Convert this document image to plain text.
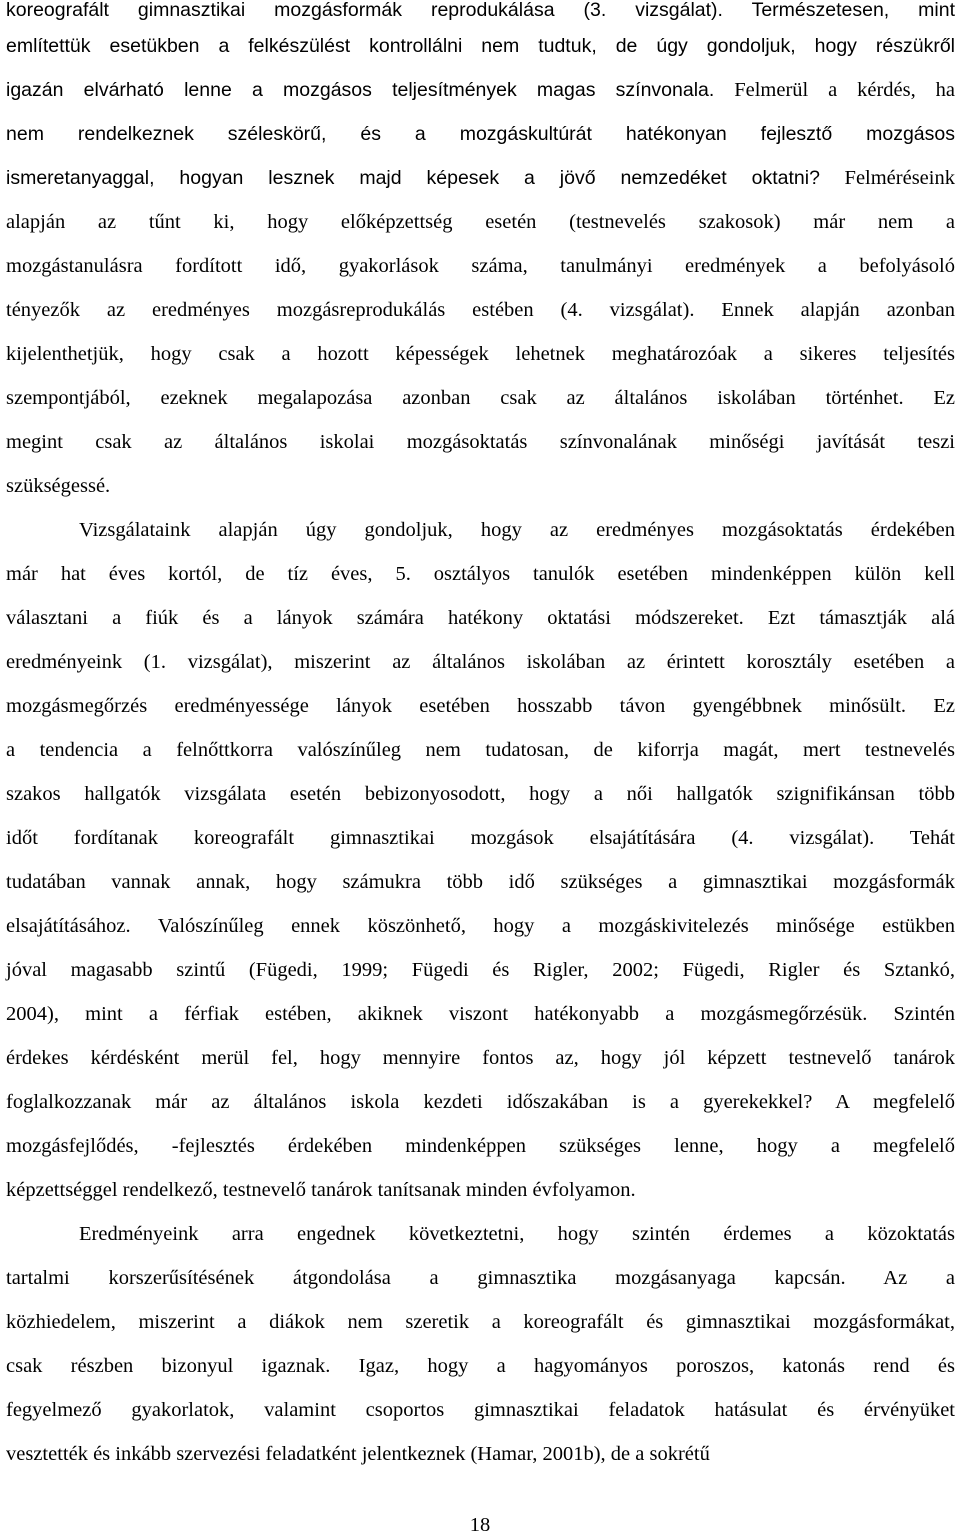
koreografált gimnasztikai mozgásformák reprodukálása (3. vizsgálat). Természetesen, mint
említettük esetükben a felkészülést kontrollálni nem tudtuk, de úgy gondoljuk, hogy részükről
igazán elvárható lenne a mozgásos teljesítmények magas színvonala. Felmerül a kérdés, ha
nem rendelkeznek széleskörű, és a mozgáskultúrát hatékonyan fejlesztő mozgásos
ismeretanyaggal, hogyan lesznek majd képesek a jövő nemzedéket oktatni? Felméréseink
alapján az tűnt ki, hogy előképzettség esetén (testnevelés szakosok) már nem a
mozgástanulásra fordított idő, gyakorlások száma, tanulmányi eredmények a befolyásoló
tényezők az eredményes mozgásreprodukálás estében (4. vizsgálat). Ennek alapján azonban
kijelenthetjük, hogy csak a hozott képességek lehetnek meghatározóak a sikeres teljesítés
szempontjából, ezeknek megalapozása azonban csak az általános iskolában történhet. Ez
megint csak az általános iskolai mozgásoktatás színvonalának minőségi javítását teszi
szükségessé.
Vizsgálataink alapján úgy gondoljuk, hogy az eredményes mozgásoktatás érdekében
már hat éves kortól, de tíz éves, 5. osztályos tanulók esetében mindenképpen külön kell
választani a fiúk és a lányok számára hatékony oktatási módszereket. Ezt támasztják alá
eredményeink (1. vizsgálat), miszerint az általános iskolában az érintett korosztály esetében a
mozgásmegőrzés eredményessége lányok esetében hosszabb távon gyengébbnek minősült. Ez
a tendencia a felnőttkorra valószínűleg nem tudatosan, de kiforrja magát, mert testnevelés
szakos hallgatók vizsgálata esetén bebizonyosodott, hogy a női hallgatók szignifikánsan több
időt fordítanak koreografált gimnasztikai mozgások elsajátítására (4. vizsgálat). Tehát
tudatában vannak annak, hogy számukra több idő szükséges a gimnasztikai mozgásformák
elsajátításához. Valószínűleg ennek köszönhető, hogy a mozgáskivitelezés minősége estükben
jóval magasabb szintű (Fügedi, 1999; Fügedi és Rigler, 2002; Fügedi, Rigler és Sztankó,
2004), mint a férfiak estében, akiknek viszont hatékonyabb a mozgásmegőrzésük. Szintén
érdekes kérdésként merül fel, hogy mennyire fontos az, hogy jól képzett testnevelő tanárok
foglalkozzanak már az általános iskola kezdeti időszakában is a gyerekekkel? A megfelelő
mozgásfejlődés, -fejlesztés érdekében mindenképpen szükséges lenne, hogy a megfelelő
képzettséggel rendelkező, testnevelő tanárok tanítsanak minden évfolyamon.
Eredményeink arra engednek következtetni, hogy szintén érdemes a közoktatás
tartalmi korszerűsítésének átgondolása a gimnasztika mozgásanyaga kapcsán. Az a
közhiedelem, miszerint a diákok nem szeretik a koreografált és gimnasztikai mozgásformákat,
csak részben bizonyul igaznak. Igaz, hogy a hagyományos poroszos, katonás rend és
fegyelmező gyakorlatok, valamint csoportos gimnasztikai feladatok hatásulat és érvényüket
vesztették és inkább szervezési feladatként jelentkeznek (Hamar, 2001b), de a sokrétű
18
